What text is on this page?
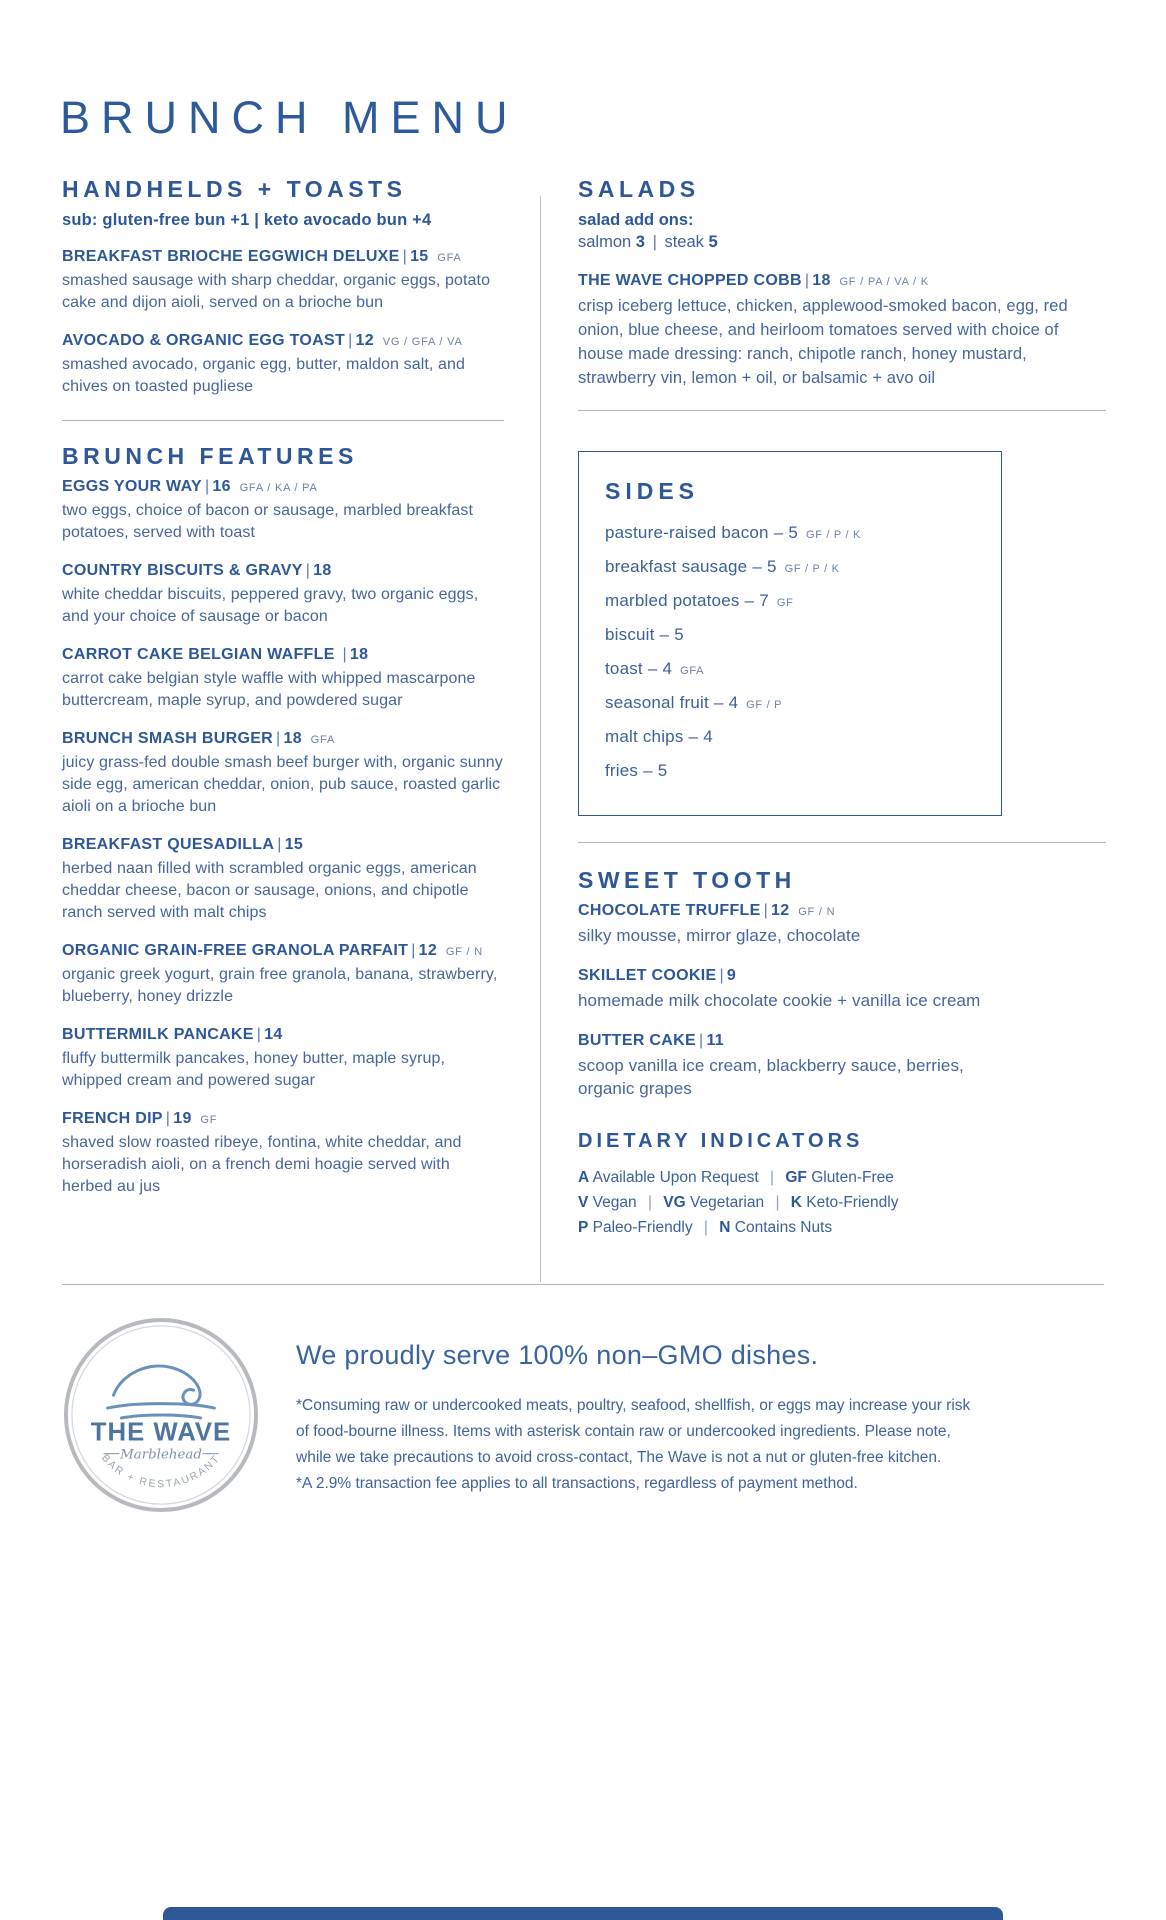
BRUNCH MENU
HANDHELDS + TOASTS

sub: gluten-free bun +1 | keto avocado bun +4

BREAKFAST BRIOCHE EGGWICH DELUXE | 15 GFA

smashed sausage with sharp cheddar, organic eggs, potato cake and dijon aioli, served on a brioche bun

AVOCADO & ORGANIC EGG TOAST | 12 VG / GFA / VA

smashed avocado, organic egg, butter, maldon salt, and chives on toasted pugliese

BRUNCH FEATURES
EGGS YOUR WAY | 16 GFA / KA / PA

two eggs, choice of bacon or sausage, marbled breakfast potatoes, served with toast

COUNTRY BISCUITS & GRAVY | 18

white cheddar biscuits, peppered gravy, two organic eggs, and your choice of sausage or bacon

CARROT CAKE BELGIAN WAFFLE | 18

carrot cake belgian style waffle with whipped mascarpone buttercream, maple syrup, and powdered sugar

BRUNCH SMASH BURGER | 18 GFA

juicy grass-fed double smash beef burger with, organic sunny side egg, american cheddar, onion, pub sauce, roasted garlic aioli on a brioche bun

BREAKFAST QUESADILLA | 15

herbed naan filled with scrambled organic eggs, american cheddar cheese, bacon or sausage, onions, and chipotle ranch served with malt chips

ORGANIC GRAIN-FREE GRANOLA PARFAIT | 12 GF / N

organic greek yogurt, grain free granola, banana, strawberry, blueberry, honey drizzle

BUTTERMILK PANCAKE | 14

fluffy buttermilk pancakes, honey butter, maple syrup, whipped cream and powered sugar

FRENCH DIP | 19 GF

shaved slow roasted ribeye, fontina, white cheddar, and horseradish aioli, on a french demi hoagie served with herbed au jus

SALADS

salad add ons:

salmon 3 | steak 5

THE WAVE CHOPPED COBB | 18 GF / PA / VA / K

crisp iceberg lettuce, chicken, applewood-smoked bacon, egg, red onion, blue cheese, and heirloom tomatoes served with choice of house made dressing: ranch, chipotle ranch, honey mustard, strawberry vin, lemon + oil, or balsamic + avo oil

SIDES
pasture-raised bacon – 5 GF / P / K
breakfast sausage – 5 GF / P / K
marbled potatoes – 7 GF
biscuit – 5
toast – 4 GFA
seasonal fruit – 4 GF / P
malt chips – 4
fries – 5
SWEET TOOTH
CHOCOLATE TRUFFLE | 12 GF / N

silky mousse, mirror glaze, chocolate

SKILLET COOKIE | 9

homemade milk chocolate cookie + vanilla ice cream

BUTTER CAKE | 11

scoop vanilla ice cream, blackberry sauce, berries, organic grapes

DIETARY INDICATORS
A Available Upon Request | GF Gluten-Free
V Vegan | VG Vegetarian | K Keto-Friendly
P Paleo-Friendly | N Contains Nuts
THE WAVE
Marblehead
BAR + RESTAURANT

We proudly serve 100% non–GMO dishes.

*Consuming raw or undercooked meats, poultry, seafood, shellfish, or eggs may increase your risk
of food-bourne illness. Items with asterisk contain raw or undercooked ingredients. Please note,
while we take precautions to avoid cross-contact, The Wave is not a nut or gluten-free kitchen.
*A 2.9% transaction fee applies to all transactions, regardless of payment method.
